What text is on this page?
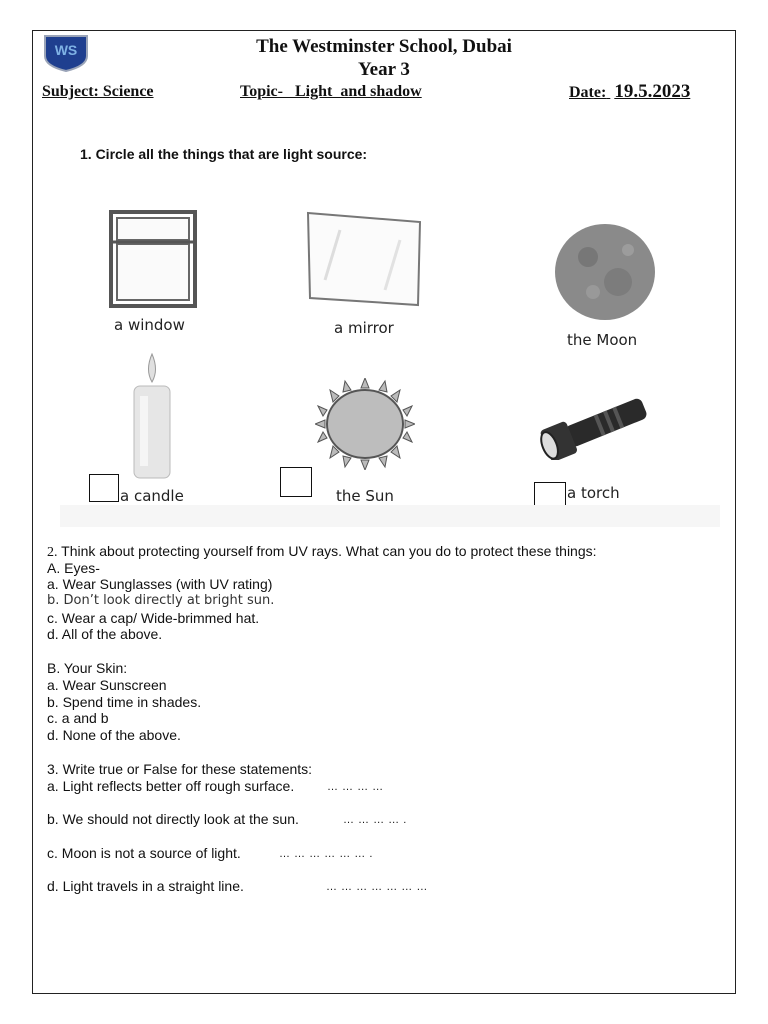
WS	The Westminster School, Dubai
Year 3
Subject: Science	Topic-   Light  and shadow	Date: 19.5.2023
1. Circle all the things that are light source:
a window	a mirror
the Moon
a candle	the Sun	a torch
2. Think about protecting yourself from UV rays. What can you do to protect these things:
A. Eyes-
a. Wear Sunglasses (with UV rating)
b. Don’t look directly at bright sun.
c. Wear a cap/ Wide-brimmed hat.
d. All of the above.
B. Your Skin:
a. Wear Sunscreen
b. Spend time in shades.
c. a and b
d. None of the above.
3. Write true or False for these statements:
a. Light reflects better off rough surface.	… … … …
b. We should not directly look at the sun.	… … … … .
c. Moon is not a source of light.	… … … … … … .
d. Light travels in a straight line.	… … … … … … …
